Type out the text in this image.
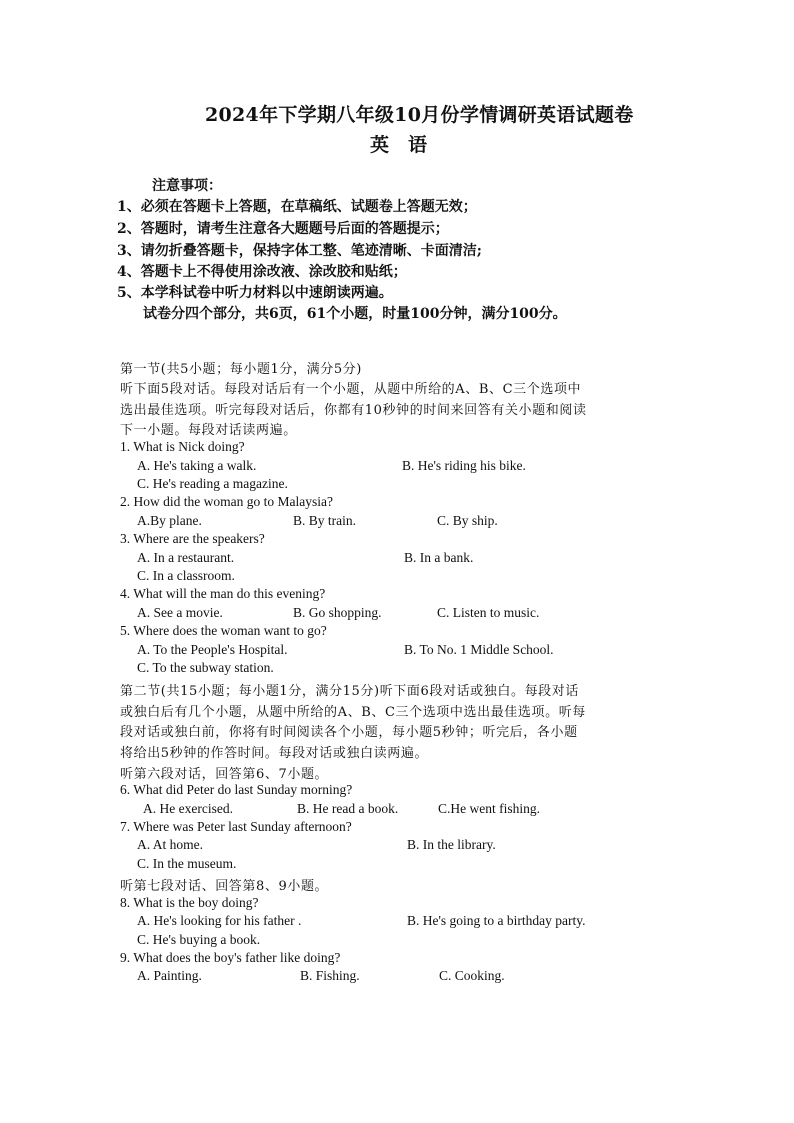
2024年下学期八年级10月份学情调研英语试题卷
英　语
注意事项：
1、必须在答题卡上答题，在草稿纸、试题卷上答题无效；
2、答题时，请考生注意各大题题号后面的答题提示；
3、请勿折叠答题卡，保持字体工整、笔迹清晰、卡面清洁;
4、答题卡上不得使用涂改液、涂改胶和贴纸；
5、本学科试卷中听力材料以中速朗读两遍。
试卷分四个部分，共6页，61个小题，时量100分钟，满分100分。
第一节(共5小题；每小题1分，满分5分)
听下面5段对话。每段对话后有一个小题，从题中所给的A、B、C三个选项中
选出最佳选项。听完每段对话后，你都有10秒钟的时间来回答有关小题和阅读
下一小题。每段对话读两遍。
1. What is Nick doing?
A. He's taking a walk.	B. He's riding his bike.
C. He's reading a magazine.
2. How did the woman go to Malaysia?
A.By plane.	B. By train.	C. By ship.
3. Where are the speakers?
A. In a restaurant.	B. In a bank.
C. In a classroom.
4. What will the man do this evening?
A. See a movie.	B. Go shopping.	C. Listen to music.
5. Where does the woman want to go?
A. To the People's Hospital.	B. To No. 1 Middle School.
C. To the subway station.
第二节(共15小题；每小题1分，满分15分)听下面6段对话或独白。每段对话
或独白后有几个小题，从题中所给的A、B、C三个选项中选出最佳选项。听每
段对话或独白前，你将有时间阅读各个小题，每小题5秒钟；听完后，各小题
将给出5秒钟的作答时间。每段对话或独白读两遍。
听第六段对话，回答第6、7小题。
6. What did Peter do last Sunday morning?
A. He exercised.	B. He read a book.	C.He went fishing.
7. Where was Peter last Sunday afternoon?
A. At home.	B. In the library.
C. In the museum.
听第七段对话、回答第8、9小题。
8. What is the boy doing?
A. He's looking for his father .	B. He's going to a birthday party.
C. He's buying a book.
9. What does the boy's father like doing?
A. Painting.	B. Fishing.	C. Cooking.
